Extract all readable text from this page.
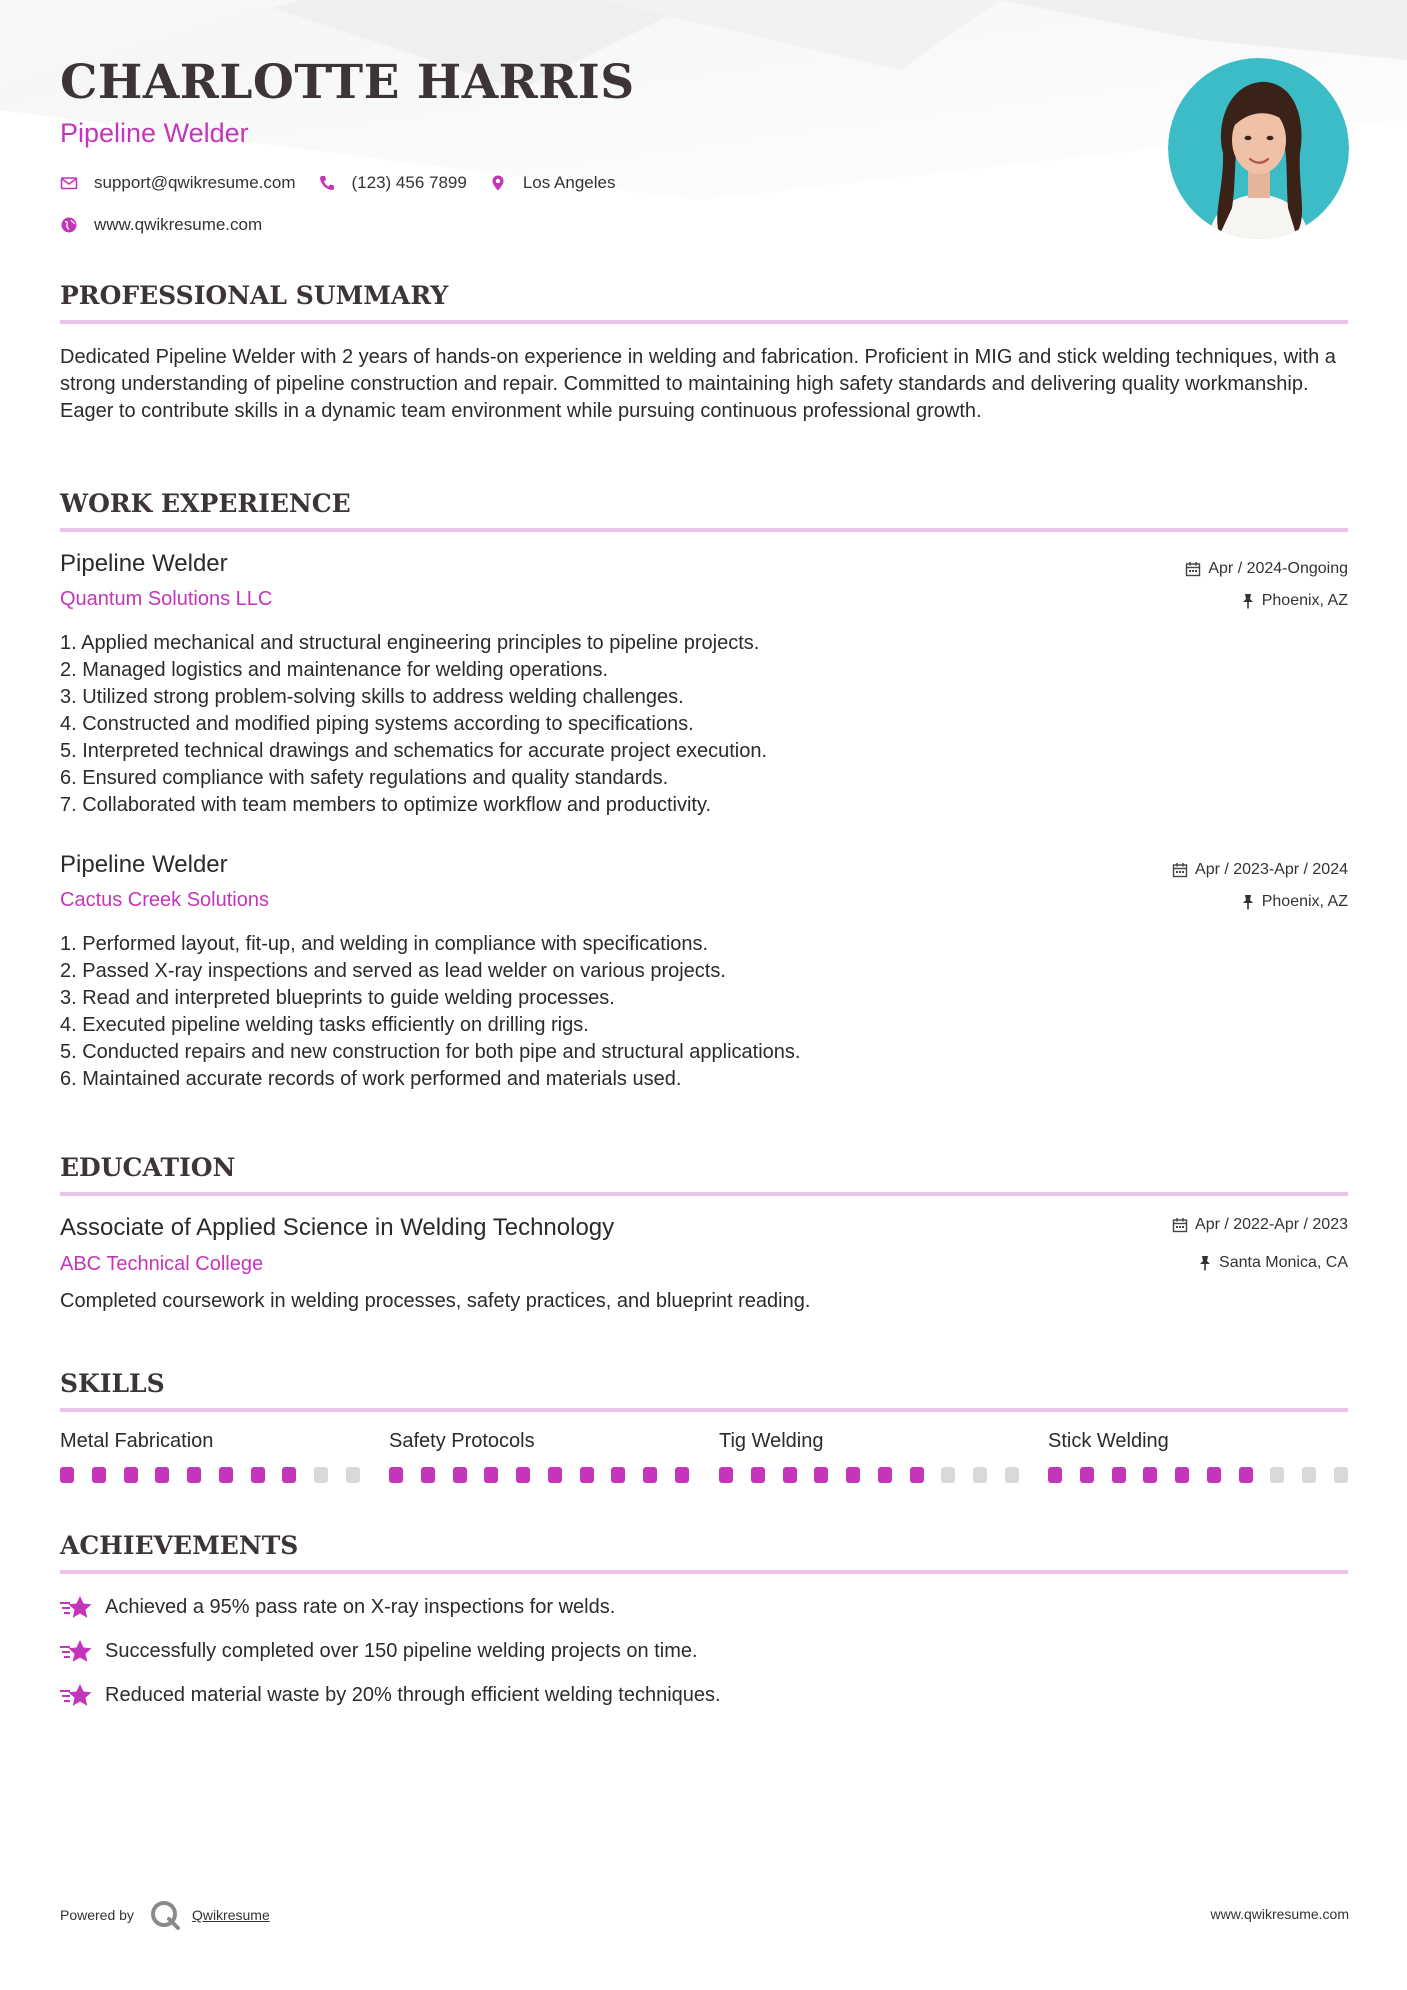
CHARLOTTE HARRIS
Pipeline Welder
support@qwikresume.com	(123) 456 7899	Los Angeles
www.qwikresume.com
PROFESSIONAL SUMMARY

Dedicated Pipeline Welder with 2 years of hands-on experience in welding and fabrication. Proficient in MIG and stick welding techniques, with a strong understanding of pipeline construction and repair. Committed to maintaining high safety standards and delivering quality workmanship. Eager to contribute skills in a dynamic team environment while pursuing continuous professional growth.

WORK EXPERIENCE
Pipeline Welder
Quantum Solutions LLC
Apr / 2024-Ongoing
Phoenix, AZ
1. Applied mechanical and structural engineering principles to pipeline projects.
2. Managed logistics and maintenance for welding operations.
3. Utilized strong problem-solving skills to address welding challenges.
4. Constructed and modified piping systems according to specifications.
5. Interpreted technical drawings and schematics for accurate project execution.
6. Ensured compliance with safety regulations and quality standards.
7. Collaborated with team members to optimize workflow and productivity.
Pipeline Welder
Cactus Creek Solutions
Apr / 2023-Apr / 2024
Phoenix, AZ
1. Performed layout, fit-up, and welding in compliance with specifications.
2. Passed X-ray inspections and served as lead welder on various projects.
3. Read and interpreted blueprints to guide welding processes.
4. Executed pipeline welding tasks efficiently on drilling rigs.
5. Conducted repairs and new construction for both pipe and structural applications.
6. Maintained accurate records of work performed and materials used.
EDUCATION
Associate of Applied Science in Welding Technology
ABC Technical College
Apr / 2022-Apr / 2023
Santa Monica, CA
Completed coursework in welding processes, safety practices, and blueprint reading.
SKILLS
Metal Fabrication	Safety Protocols	Tig Welding	Stick Welding
ACHIEVEMENTS
Achieved a 95% pass rate on X-ray inspections for welds.
Successfully completed over 150 pipeline welding projects on time.
Reduced material waste by 20% through efficient welding techniques.
Powered by	Qwikresume	www.qwikresume.com
